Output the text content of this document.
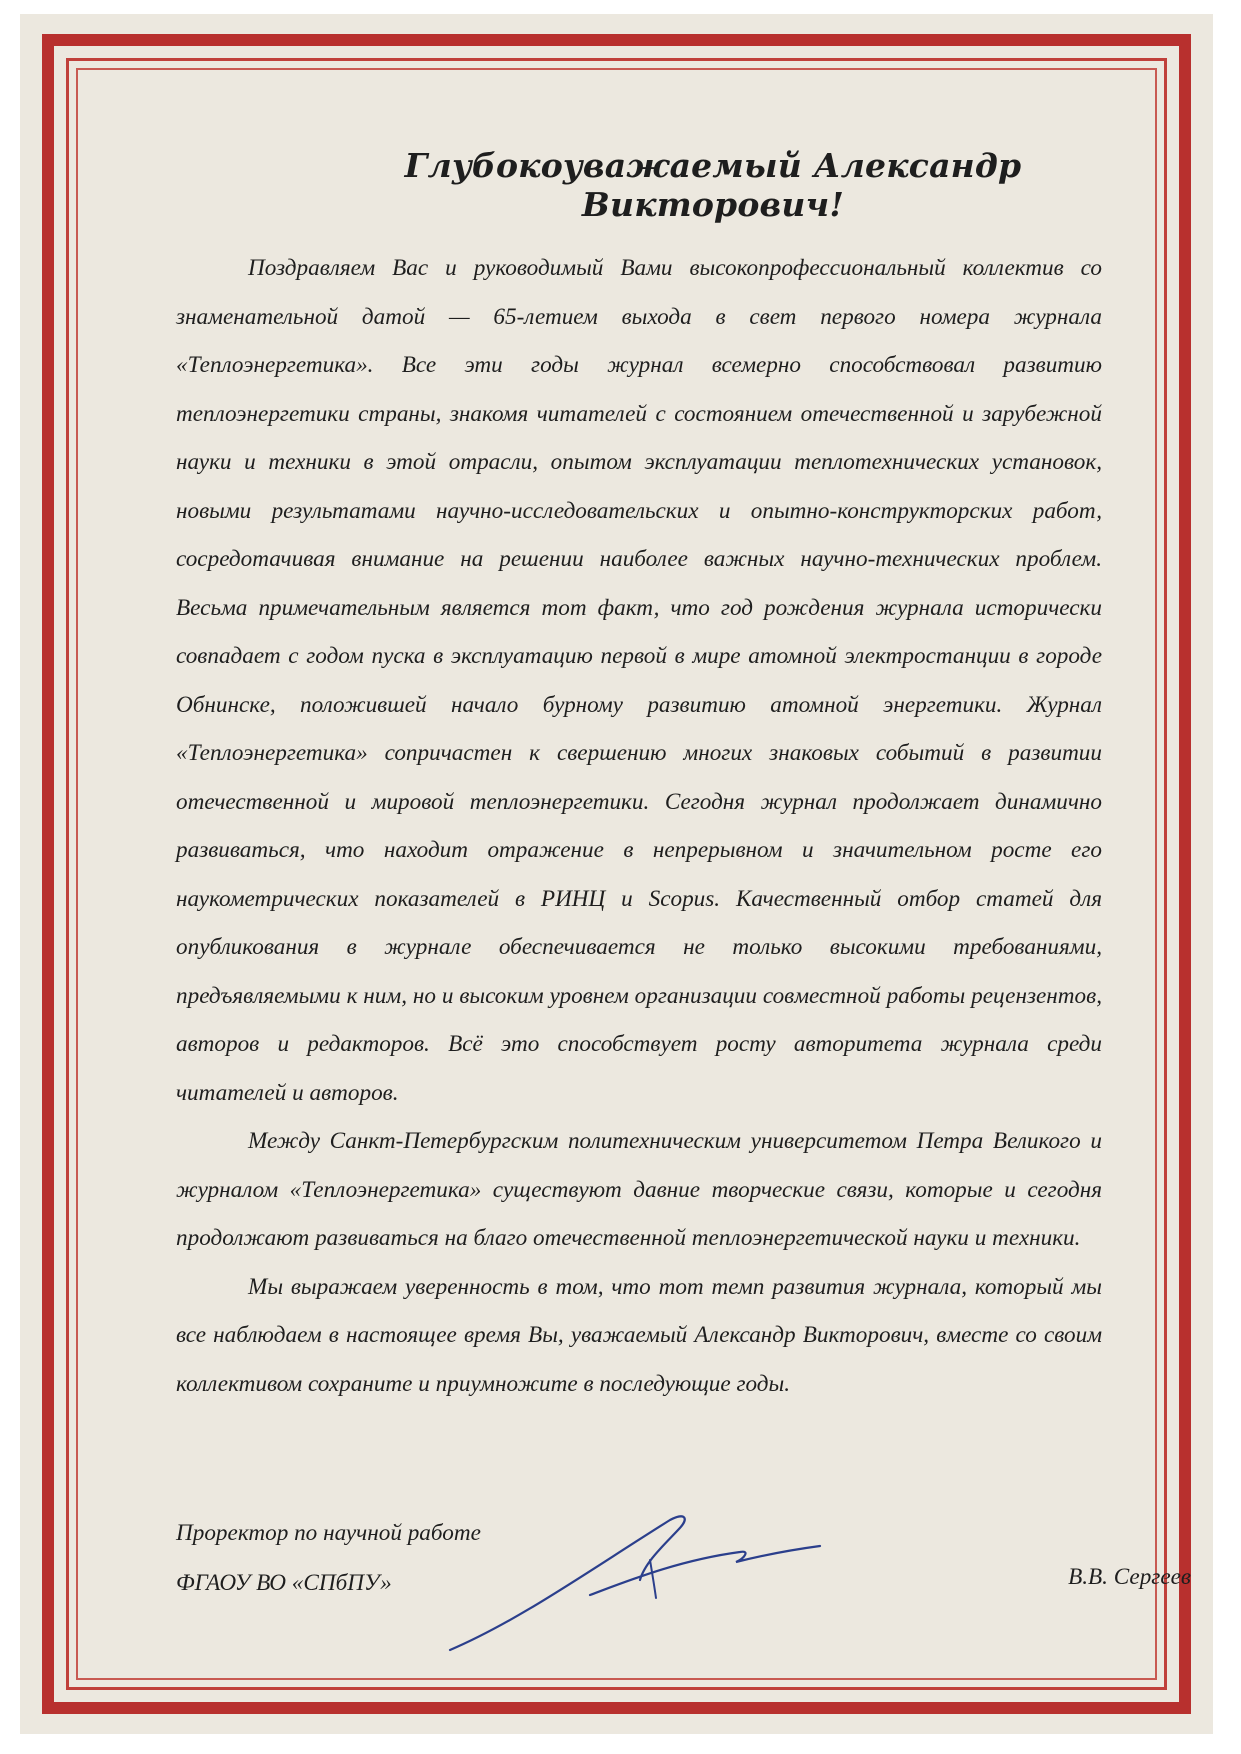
Глубокоуважаемый Александр Викторович!

Поздравляем Вас и руководимый Вами высокопрофессиональный коллектив со знаменательной датой — 65-летием выхода в свет первого номера журнала «Теплоэнергетика». Все эти годы журнал всемерно способствовал развитию теплоэнергетики страны, знакомя читателей с состоянием отечественной и зарубежной науки и техники в этой отрасли, опытом эксплуатации теплотехнических установок, новыми результатами научно-исследовательских и опытно-конструкторских работ, сосредотачивая внимание на решении наиболее важных научно-технических проблем. Весьма примечательным является тот факт, что год рождения журнала исторически совпадает с годом пуска в эксплуатацию первой в мире атомной электростанции в городе Обнинске, положившей начало бурному развитию атомной энергетики. Журнал «Теплоэнергетика» сопричастен к свершению многих знаковых событий в развитии отечественной и мировой теплоэнергетики. Сегодня журнал продолжает динамично развиваться, что находит отражение в непрерывном и значительном росте его наукометрических показателей в РИНЦ и Scopus. Качественный отбор статей для опубликования в журнале обеспечивается не только высокими требованиями, предъявляемыми к ним, но и высоким уровнем организации совместной работы рецензентов, авторов и редакторов. Всё это способствует росту авторитета журнала среди читателей и авторов.

Между Санкт-Петербургским политехническим университетом Петра Великого и журналом «Теплоэнергетика» существуют давние творческие связи, которые и сегодня продолжают развиваться на благо отечественной теплоэнергетической науки и техники.

Мы выражаем уверенность в том, что тот темп развития журнала, который мы все наблюдаем в настоящее время Вы, уважаемый Александр Викторович, вместе со своим коллективом сохраните и приумножите в последующие годы.

Проректор по научной работе
ФГАОУ ВО «СПбПУ»	В.В. Сергеев
